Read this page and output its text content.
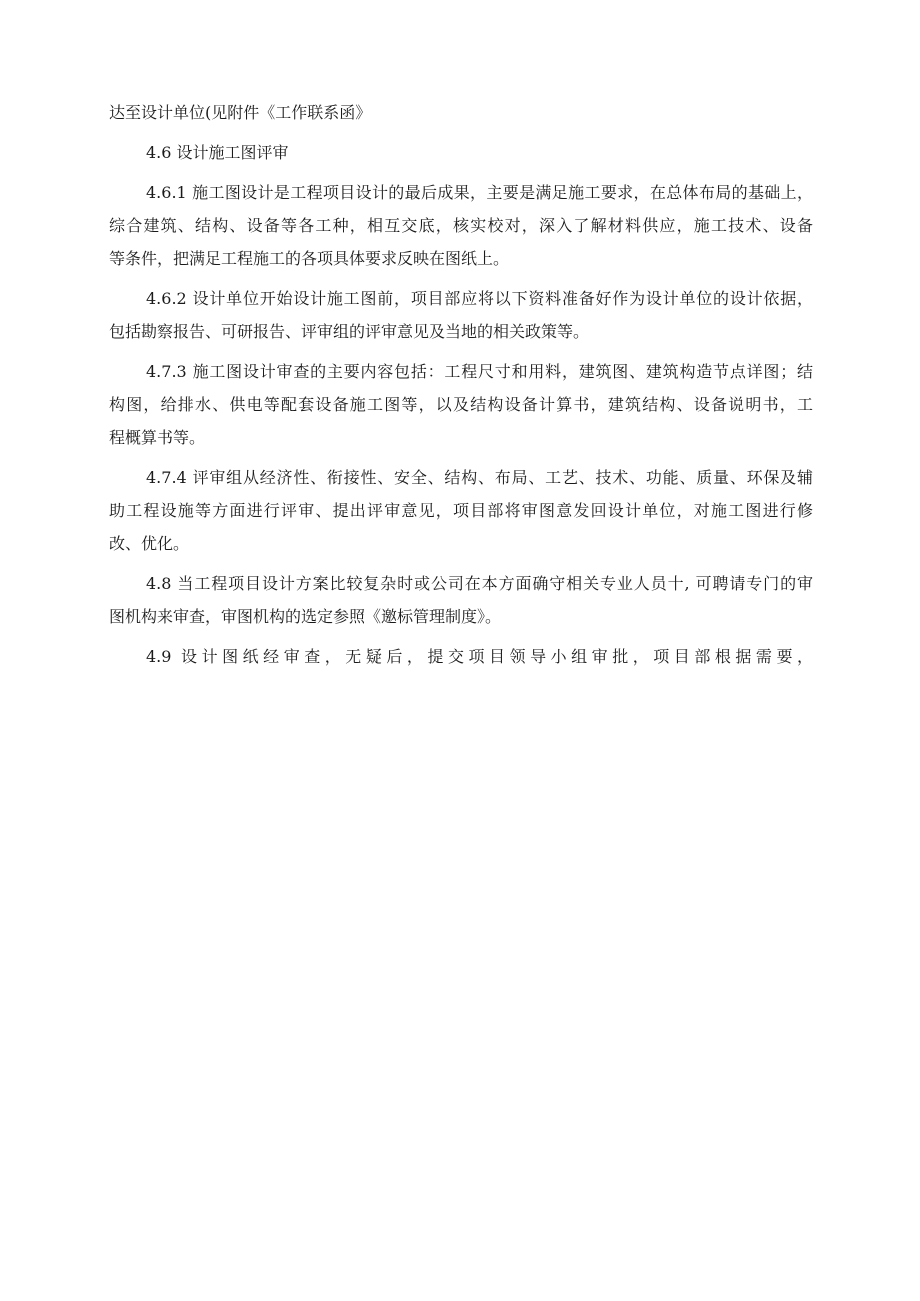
达至设计单位(见附件《工作联系函》
4.6 设计施工图评审
4.6.1 施工图设计是工程项目设计的最后成果，主要是满足施工要求，在总体布局的基础上，
综合建筑、结构、设备等各工种，相互交底，核实校对，深入了解材料供应，施工技术、设备
等条件，把满足工程施工的各项具体要求反映在图纸上。
4.6.2 设计单位开始设计施工图前，项目部应将以下资料准备好作为设计单位的设计依据，
包括勘察报告、可研报告、评审组的评审意见及当地的相关政策等。
4.7.3 施工图设计审查的主要内容包括：工程尺寸和用料，建筑图、建筑构造节点详图；结
构图，给排水、供电等配套设备施工图等，以及结构设备计算书，建筑结构、设备说明书，工
程概算书等。
4.7.4 评审组从经济性、衔接性、安全、结构、布局、工艺、技术、功能、质量、环保及辅
助工程设施等方面进行评审、提出评审意见，项目部将审图意发回设计单位，对施工图进行修
改、优化。
4.8 当工程项目设计方案比较复杂时或公司在本方面确守相关专业人员十, 可聘请专门的审
图机构来审查，审图机构的选定参照《邀标管理制度》。
4.9 设计图纸经审查，无疑后，提交项目领导小组审批，项目部根据需要，
